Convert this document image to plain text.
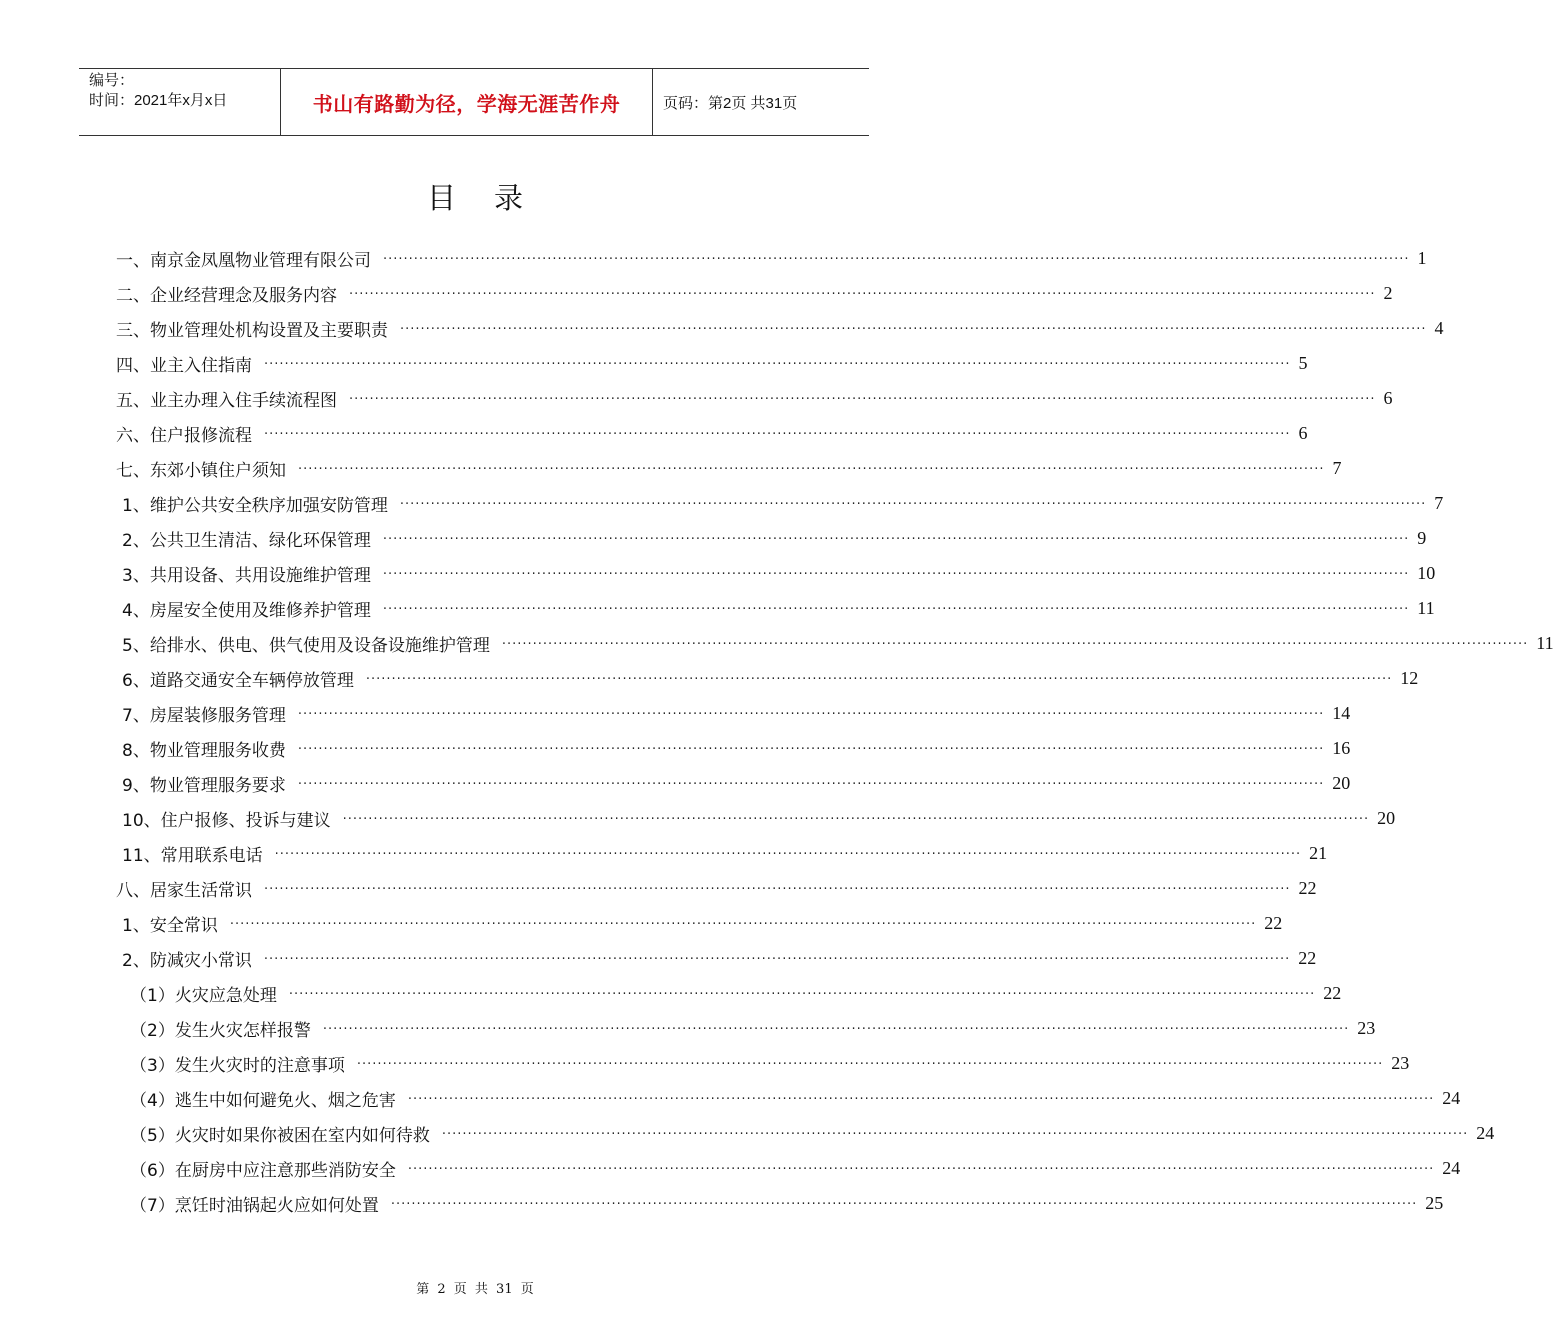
编号：
时间：2021年x月x日	书山有路勤为径，学海无涯苦作舟	页码：第2页 共31页
目录
一、南京金凤凰物业管理有限公司 ········································································································································································································ 1
二、企业经营理念及服务内容 ········································································································································································································ 2
三、物业管理处机构设置及主要职责 ········································································································································································································ 4
四、业主入住指南 ········································································································································································································ 5
五、业主办理入住手续流程图 ········································································································································································································ 6
六、住户报修流程 ········································································································································································································ 6
七、东郊小镇住户须知 ········································································································································································································ 7
1、维护公共安全秩序加强安防管理 ········································································································································································································ 7
2、公共卫生清洁、绿化环保管理 ········································································································································································································ 9
3、共用设备、共用设施维护管理 ········································································································································································································ 10
4、房屋安全使用及维修养护管理 ········································································································································································································ 11
5、给排水、供电、供气使用及设备设施维护管理 ········································································································································································································ 11
6、道路交通安全车辆停放管理 ········································································································································································································ 12
7、房屋装修服务管理 ········································································································································································································ 14
8、物业管理服务收费 ········································································································································································································ 16
9、物业管理服务要求 ········································································································································································································ 20
10、住户报修、投诉与建议 ········································································································································································································ 20
11、常用联系电话 ········································································································································································································ 21
八、居家生活常识 ········································································································································································································ 22
1、安全常识 ········································································································································································································ 22
2、防减灾小常识 ········································································································································································································ 22
（1）火灾应急处理 ········································································································································································································ 22
（2）发生火灾怎样报警 ········································································································································································································ 23
（3）发生火灾时的注意事项 ········································································································································································································ 23
（4）逃生中如何避免火、烟之危害 ········································································································································································································ 24
（5）火灾时如果你被困在室内如何待救 ········································································································································································································ 24
（6）在厨房中应注意那些消防安全 ········································································································································································································ 24
（7）烹饪时油锅起火应如何处置 ········································································································································································································ 25
第 2 页 共 31 页
